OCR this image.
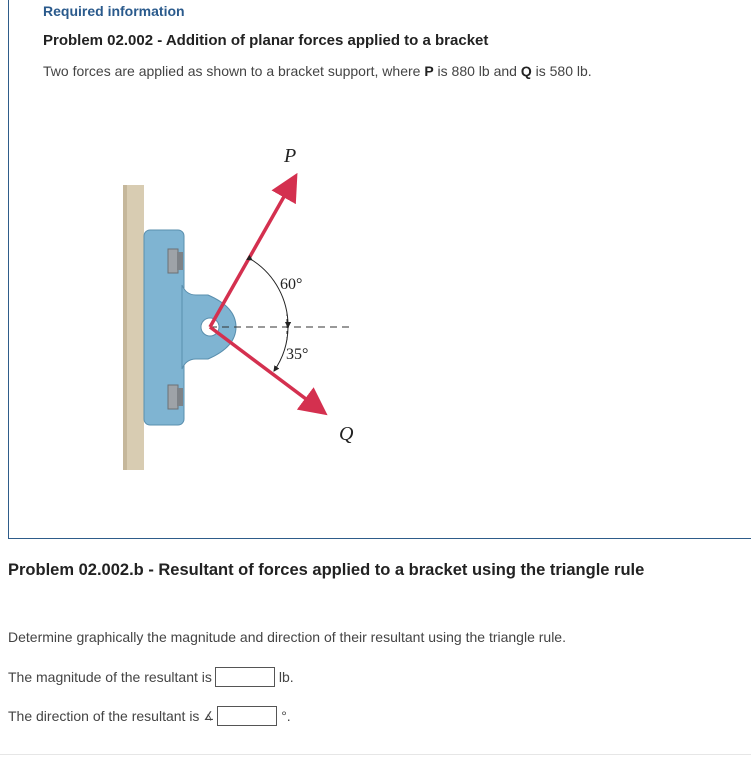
Required information
Problem 02.002 - Addition of planar forces applied to a bracket
Two forces are applied as shown to a bracket support, where P is 880 lb and Q is 580 lb.
P
Q
60°
35°
Problem 02.002.b - Resultant of forces applied to a bracket using the triangle rule
Determine graphically the magnitude and direction of their resultant using the triangle rule.
The magnitude of the resultant is	lb.
The direction of the resultant is ∡	°.
